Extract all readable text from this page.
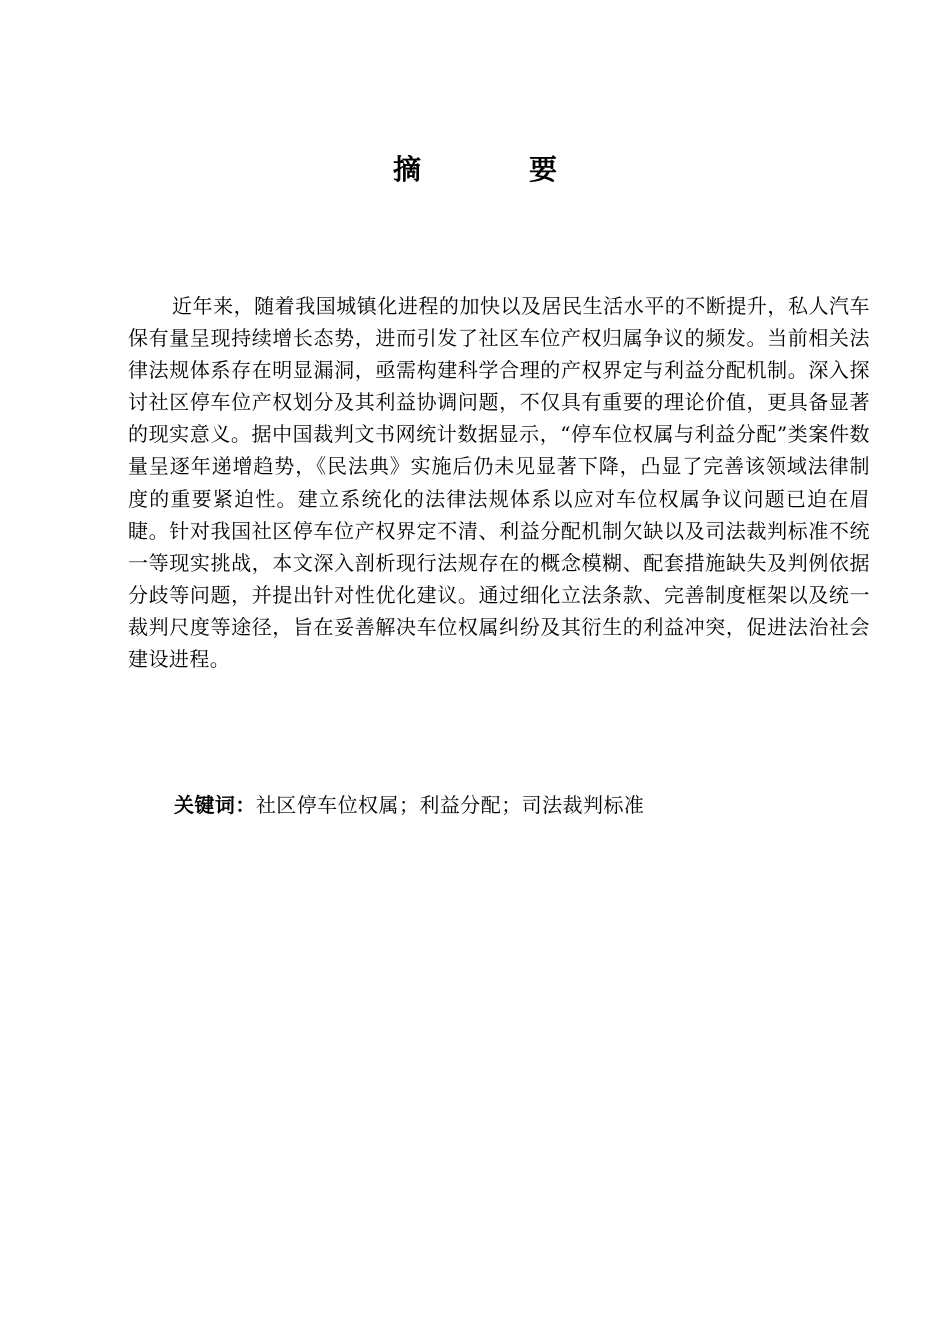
摘　要

近年来，随着我国城镇化进程的加快以及居民生活水平的不断提升，私人汽车保有量呈现持续增长态势，进而引发了社区车位产权归属争议的频发。当前相关法律法规体系存在明显漏洞，亟需构建科学合理的产权界定与利益分配机制。深入探讨社区停车位产权划分及其利益协调问题，不仅具有重要的理论价值，更具备显著的现实意义。据中国裁判文书网统计数据显示，“停车位权属与利益分配”类案件数量呈逐年递增趋势，《民法典》实施后仍未见显著下降，凸显了完善该领域法律制度的重要紧迫性。建立系统化的法律法规体系以应对车位权属争议问题已迫在眉睫。针对我国社区停车位产权界定不清、利益分配机制欠缺以及司法裁判标准不统一等现实挑战，本文深入剖析现行法规存在的概念模糊、配套措施缺失及判例依据分歧等问题，并提出针对性优化建议。通过细化立法条款、完善制度框架以及统一裁判尺度等途径，旨在妥善解决车位权属纠纷及其衍生的利益冲突，促进法治社会建设进程。

关键词：社区停车位权属；利益分配；司法裁判标准
